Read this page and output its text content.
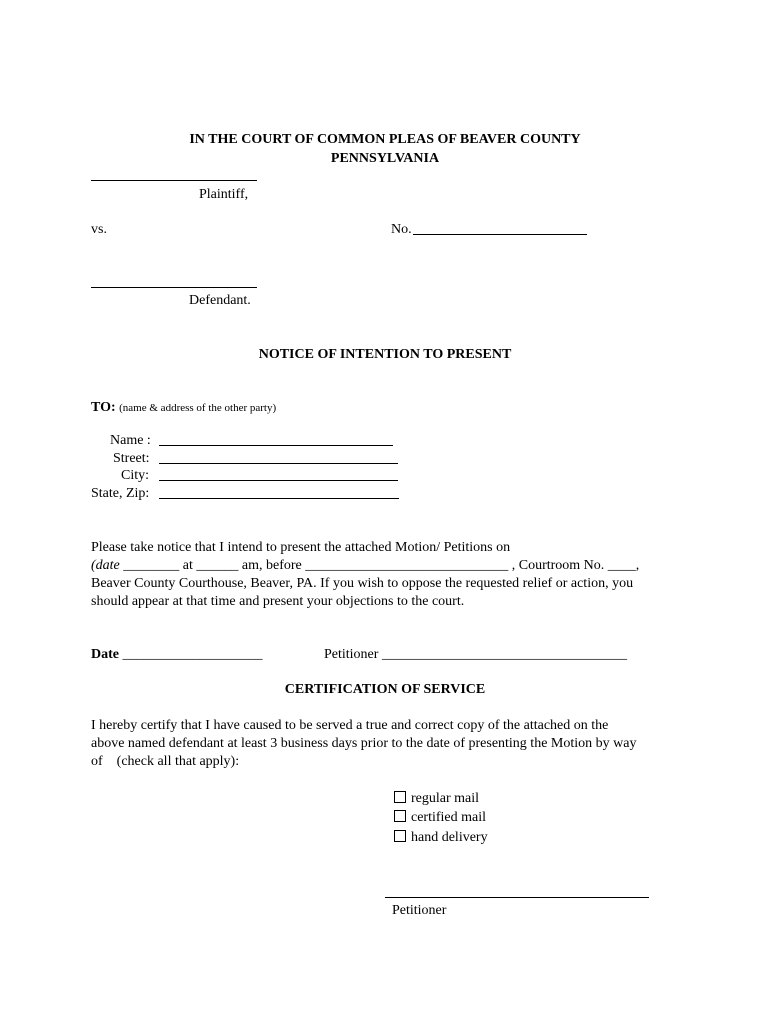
IN THE COURT OF COMMON PLEAS OF BEAVER COUNTY
PENNSYLVANIA
Plaintiff,
vs.	No.
Defendant.
NOTICE OF INTENTION TO PRESENT
TO: (name & address of the other party)
Name :
Street:
City:
State, Zip:
Please take notice that I intend to present the attached Motion/ Petitions on
(date ________ at ______ am, before _____________________________ , Courtroom No. ____,
Beaver County Courthouse, Beaver, PA. If you wish to oppose the requested relief or action, you
should appear at that time and present your objections to the court.
Date ____________________	Petitioner ___________________________________
CERTIFICATION OF SERVICE
I hereby certify that I have caused to be served a true and correct copy of the attached on the
above named defendant at least 3 business days prior to the date of presenting the Motion by way
of    (check all that apply):
regular mail
certified mail
hand delivery
Petitioner
